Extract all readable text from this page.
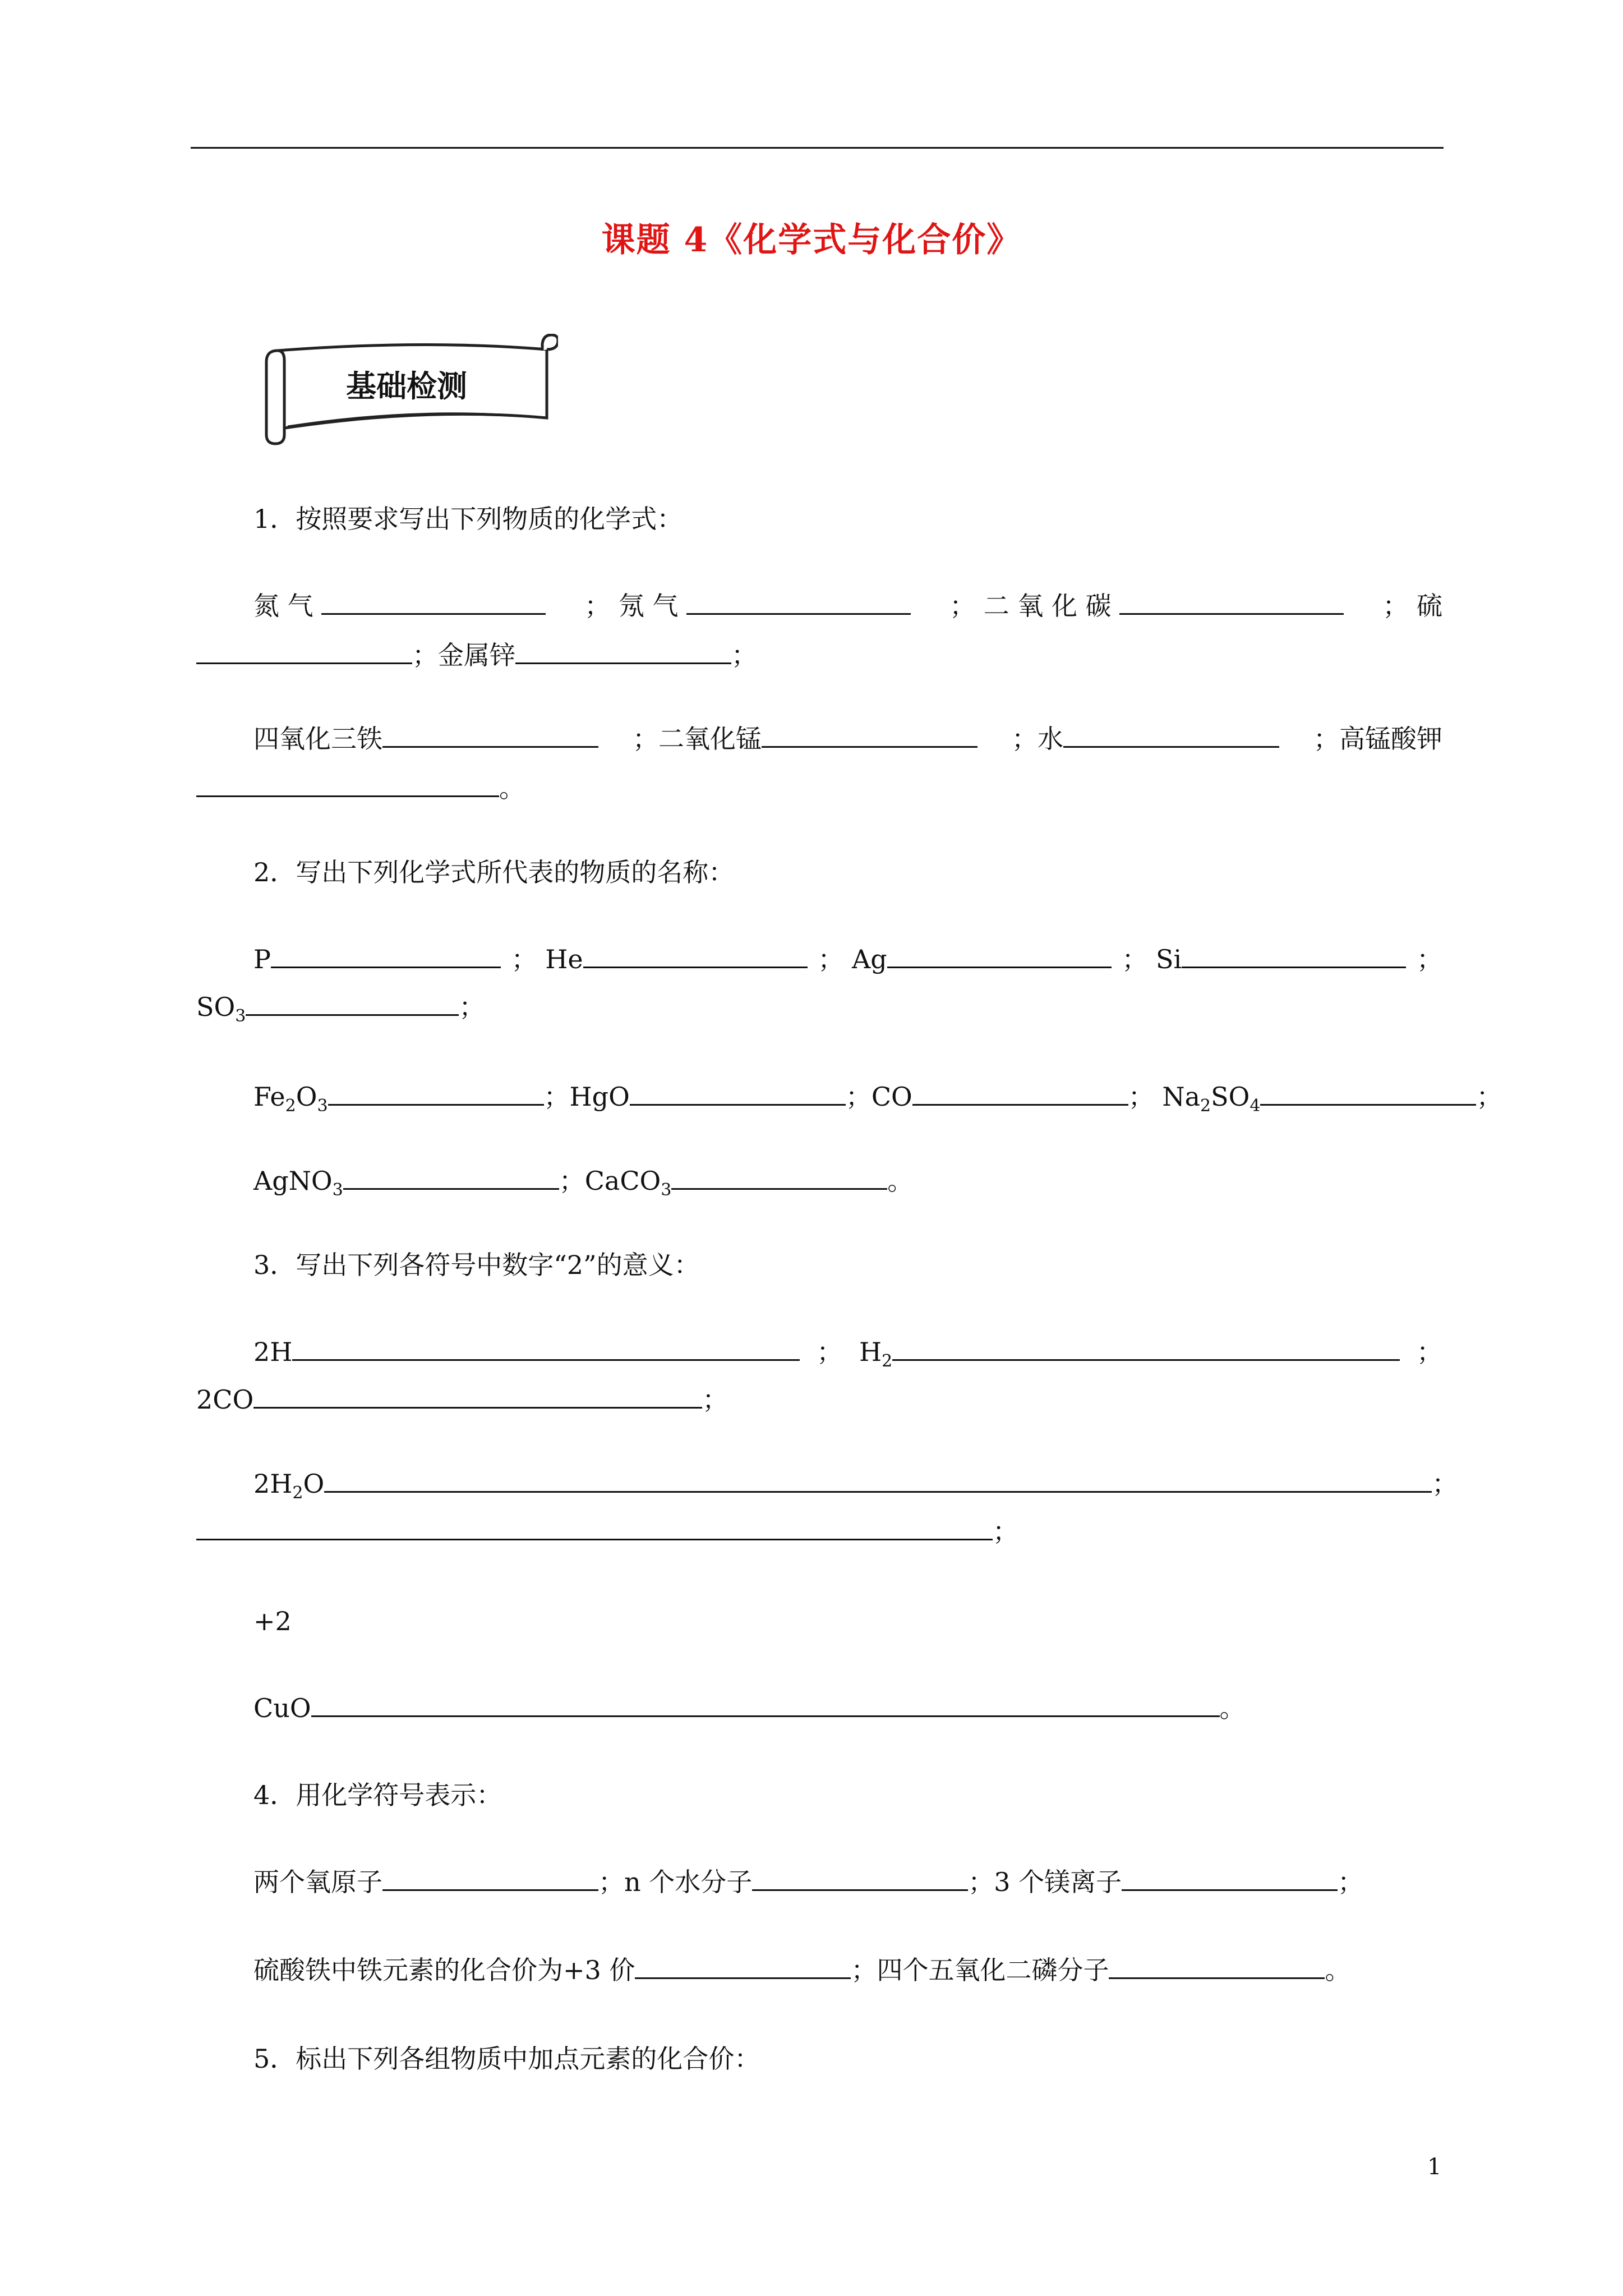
课题 4《化学式与化合价》
基础检测
1．按照要求写出下列物质的化学式：
氮 气	； 氖 气	； 二 氧 化 碳	； 硫
；金属锌	；
四氧化三铁	；二氧化锰	；水	；高锰酸钾
。
2．写出下列化学式所代表的物质的名称：
P	； He	； Ag	； Si	；
$SO_3$	；
$Fe_2O_3$	；HgO	；CO	； $Na_2SO_4$	；
AgNO$_3$	；CaCO$_3$	。
3．写出下列各符号中数字“2”的意义：
2H	； $H_2$	；
2CO	；
$2H_2O$	；
；
+2
CuO	。
4．用化学符号表示：
两个氧原子	；n 个水分子	；3 个镁离子	；
硫酸铁中铁元素的化合价为+3 价	；四个五氧化二磷分子	。
5．标出下列各组物质中加点元素的化合价：
1
